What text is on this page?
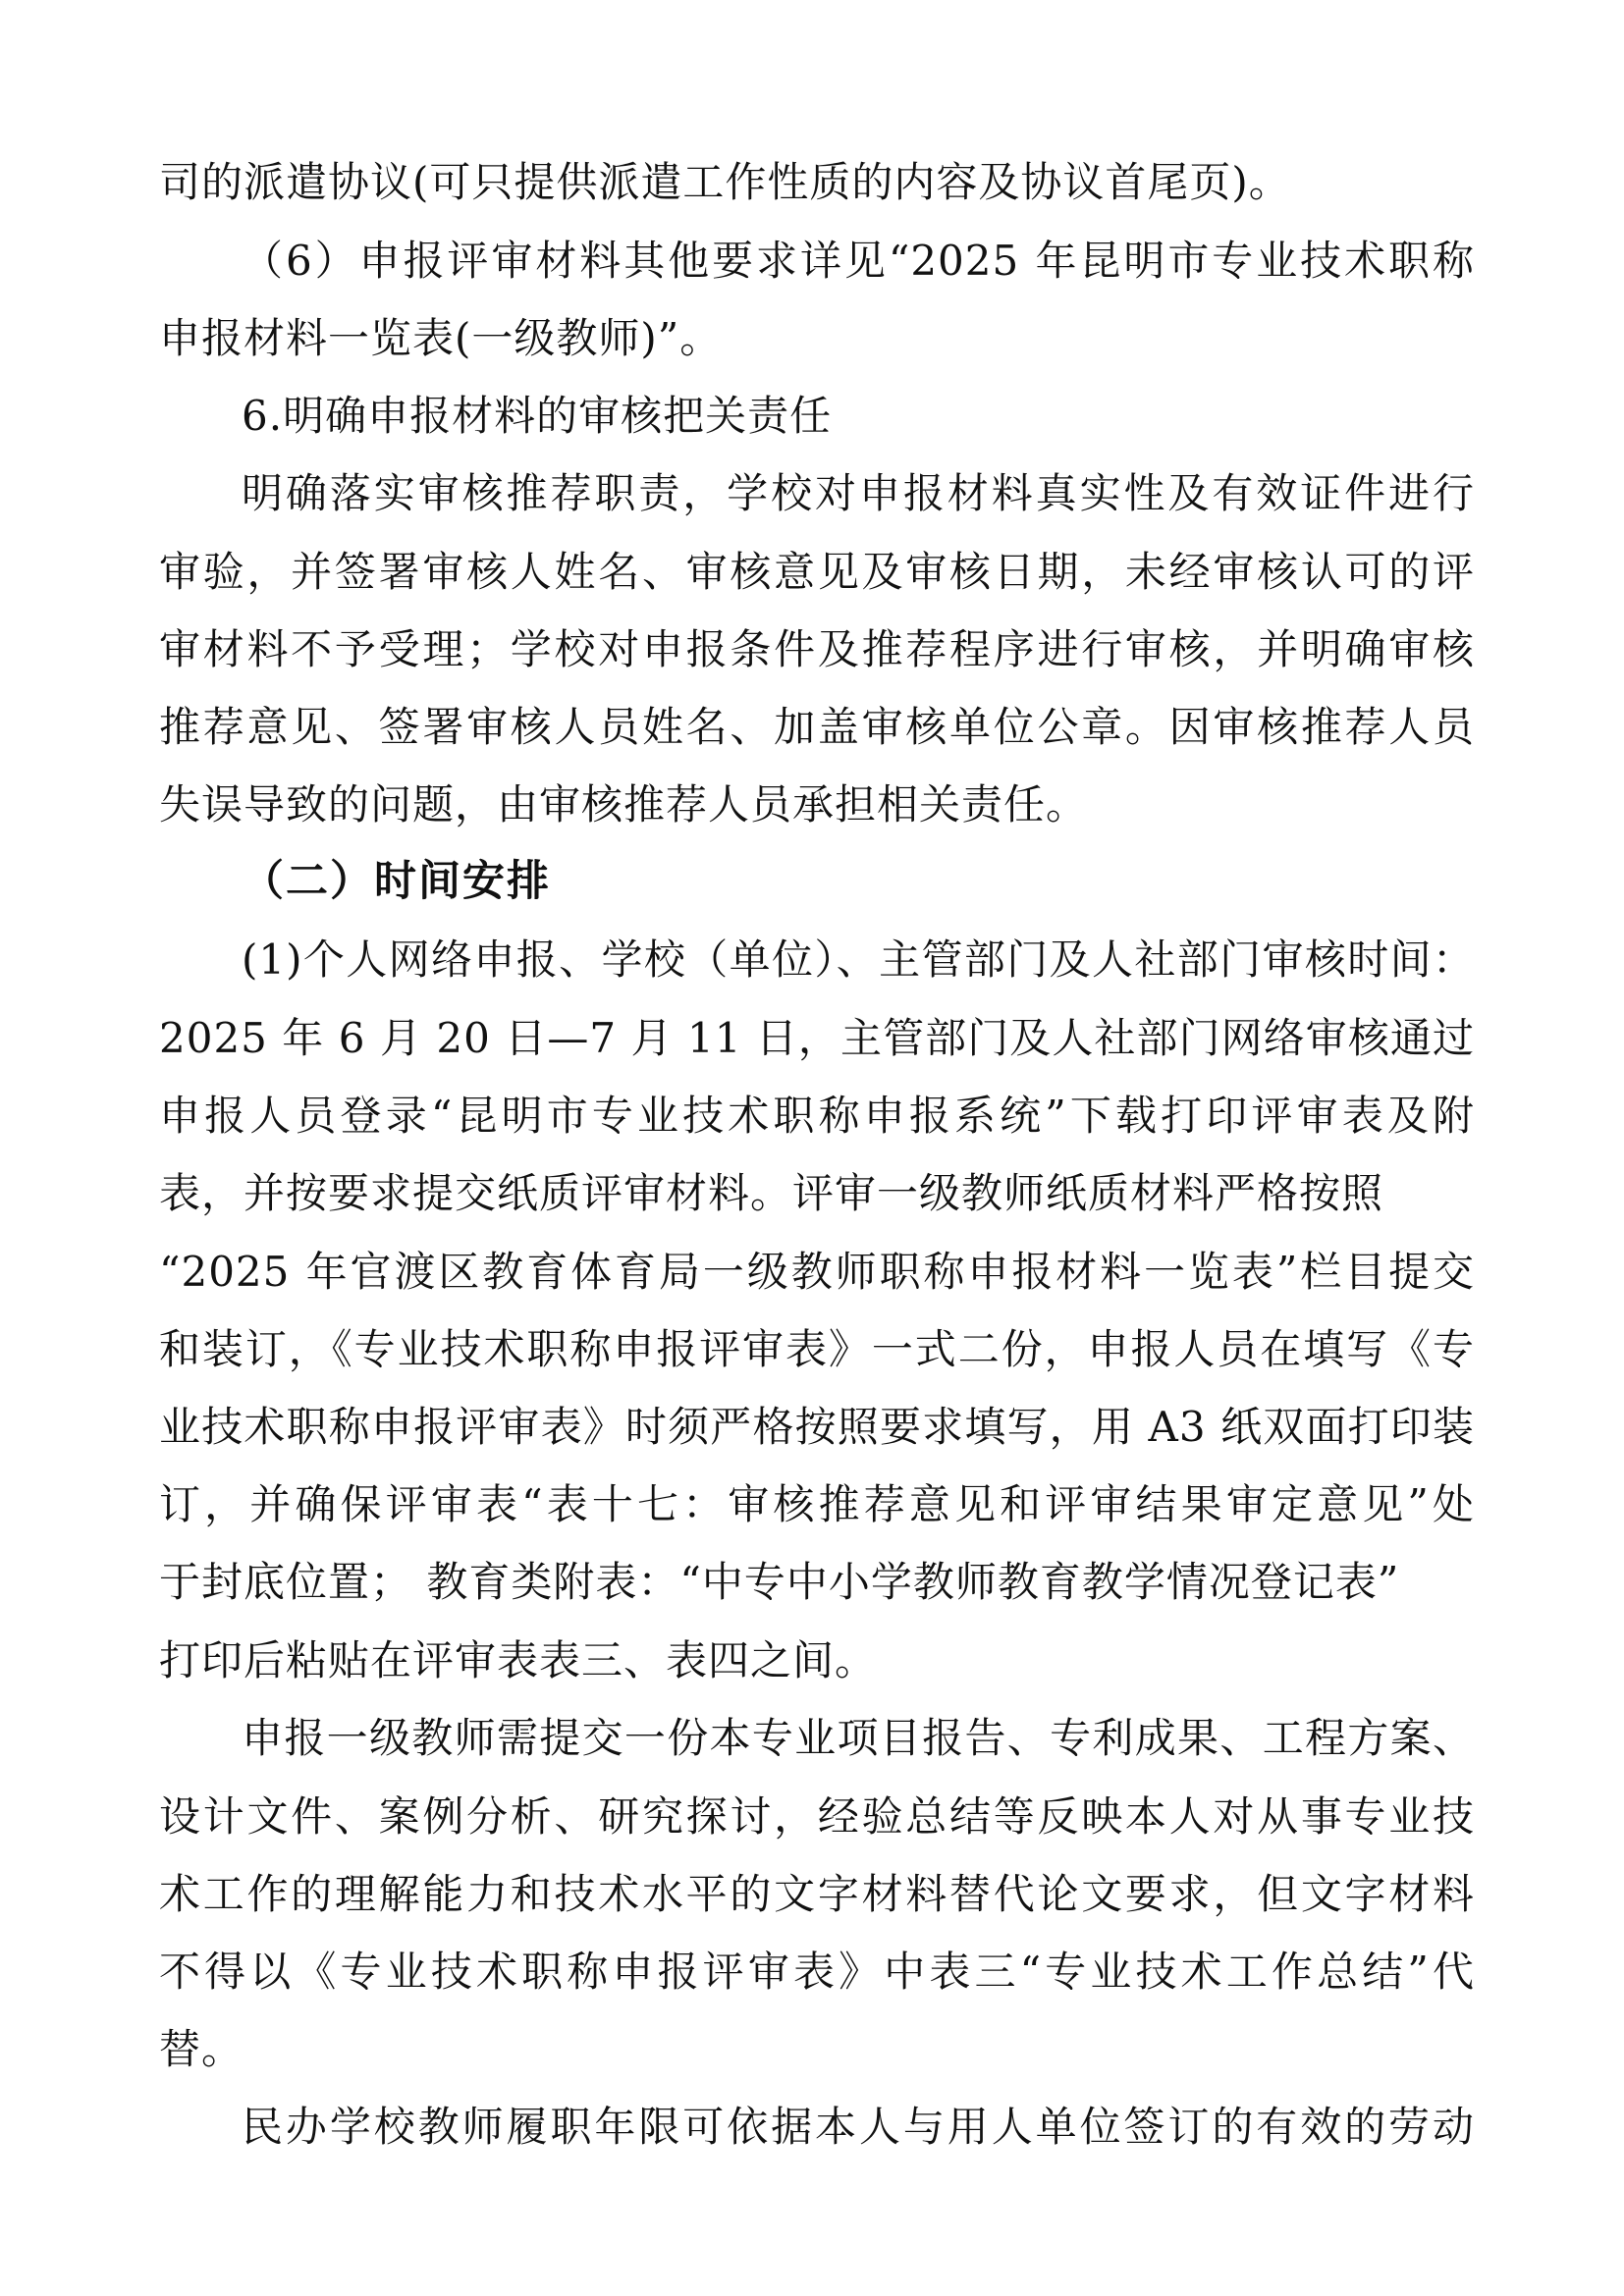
司的派遣协议(可只提供派遣工作性质的内容及协议首尾页)。
（6）申报评审材料其他要求详见“2025 年昆明市专业技术职称
申报材料一览表(一级教师)”。
6.明确申报材料的审核把关责任
明确落实审核推荐职责，学校对申报材料真实性及有效证件进行
审验，并签署审核人姓名、审核意见及审核日期，未经审核认可的评
审材料不予受理；学校对申报条件及推荐程序进行审核，并明确审核
推荐意见、签署审核人员姓名、加盖审核单位公章。因审核推荐人员
失误导致的问题，由审核推荐人员承担相关责任。
（二）时间安排
(1)个人网络申报、学校（单位）、主管部门及人社部门审核时间：
2025 年 6 月 20 日—7 月 11 日，主管部门及人社部门网络审核通过
申报人员登录“昆明市专业技术职称申报系统”下载打印评审表及附
表，并按要求提交纸质评审材料。评审一级教师纸质材料严格按照
“2025 年官渡区教育体育局一级教师职称申报材料一览表”栏目提交
和装订，《专业技术职称申报评审表》一式二份，申报人员在填写《专
业技术职称申报评审表》时须严格按照要求填写，用 A3 纸双面打印装
订，并确保评审表“表十七：审核推荐意见和评审结果审定意见”处
于封底位置； 教育类附表：“中专中小学教师教育教学情况登记表”
打印后粘贴在评审表表三、表四之间。
申报一级教师需提交一份本专业项目报告、专利成果、工程方案、
设计文件、案例分析、研究探讨，经验总结等反映本人对从事专业技
术工作的理解能力和技术水平的文字材料替代论文要求，但文字材料
不得以《专业技术职称申报评审表》中表三“专业技术工作总结”代
替。
民办学校教师履职年限可依据本人与用人单位签订的有效的劳动
